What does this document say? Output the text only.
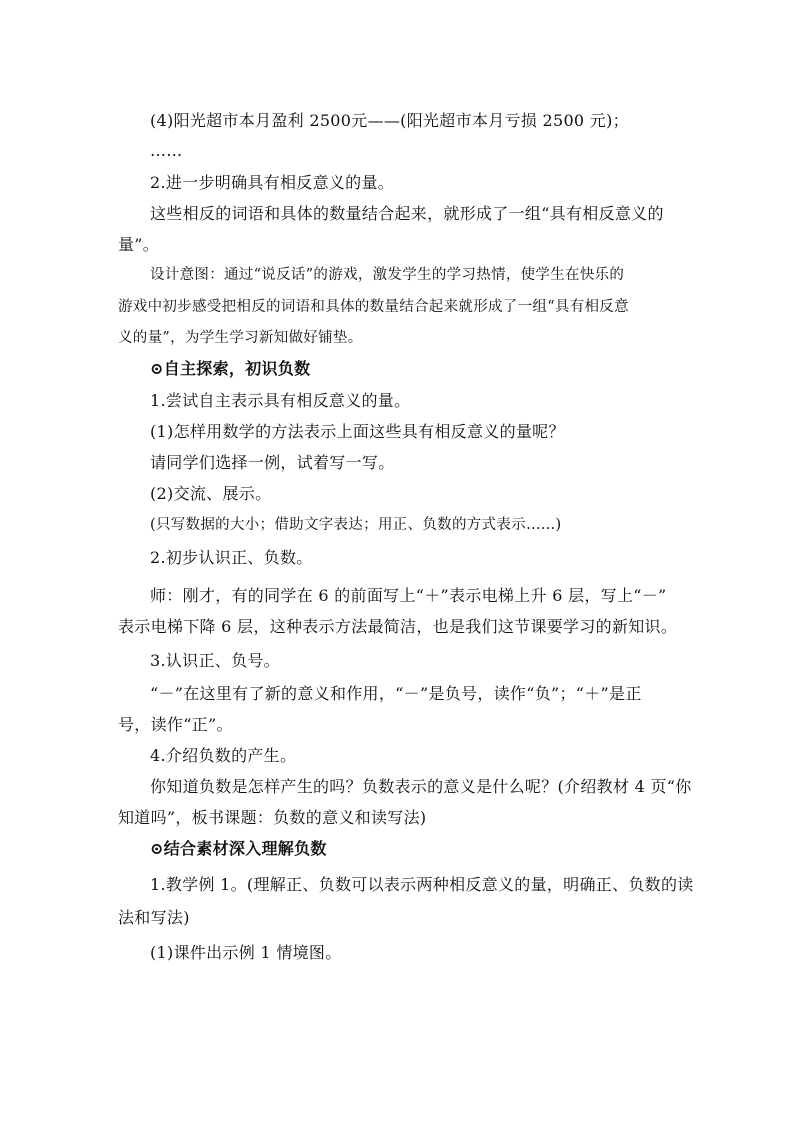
(4)阳光超市本月盈利 2500元——(阳光超市本月亏损 2500 元)；
……
2.进一步明确具有相反意义的量。
这些相反的词语和具体的数量结合起来，就形成了一组“具有相反意义的
量”。
设计意图：通过“说反话”的游戏，激发学生的学习热情，使学生在快乐的
游戏中初步感受把相反的词语和具体的数量结合起来就形成了一组“具有相反意
义的量”，为学生学习新知做好铺垫。
⊙自主探索，初识负数
1.尝试自主表示具有相反意义的量。
(1)怎样用数学的方法表示上面这些具有相反意义的量呢？
请同学们选择一例，试着写一写。
(2)交流、展示。
(只写数据的大小；借助文字表达；用正、负数的方式表示……)
2.初步认识正、负数。
师：刚才，有的同学在 6 的前面写上“＋”表示电梯上升 6 层，写上“－”
表示电梯下降 6 层，这种表示方法最简洁，也是我们这节课要学习的新知识。
3.认识正、负号。
“－”在这里有了新的意义和作用，“－”是负号，读作“负”；“＋”是正
号，读作“正”。
4.介绍负数的产生。
你知道负数是怎样产生的吗？负数表示的意义是什么呢？(介绍教材 4 页“你
知道吗”，板书课题：负数的意义和读写法)
⊙结合素材深入理解负数
1.教学例 1。(理解正、负数可以表示两种相反意义的量，明确正、负数的读
法和写法)
(1)课件出示例 1 情境图。
